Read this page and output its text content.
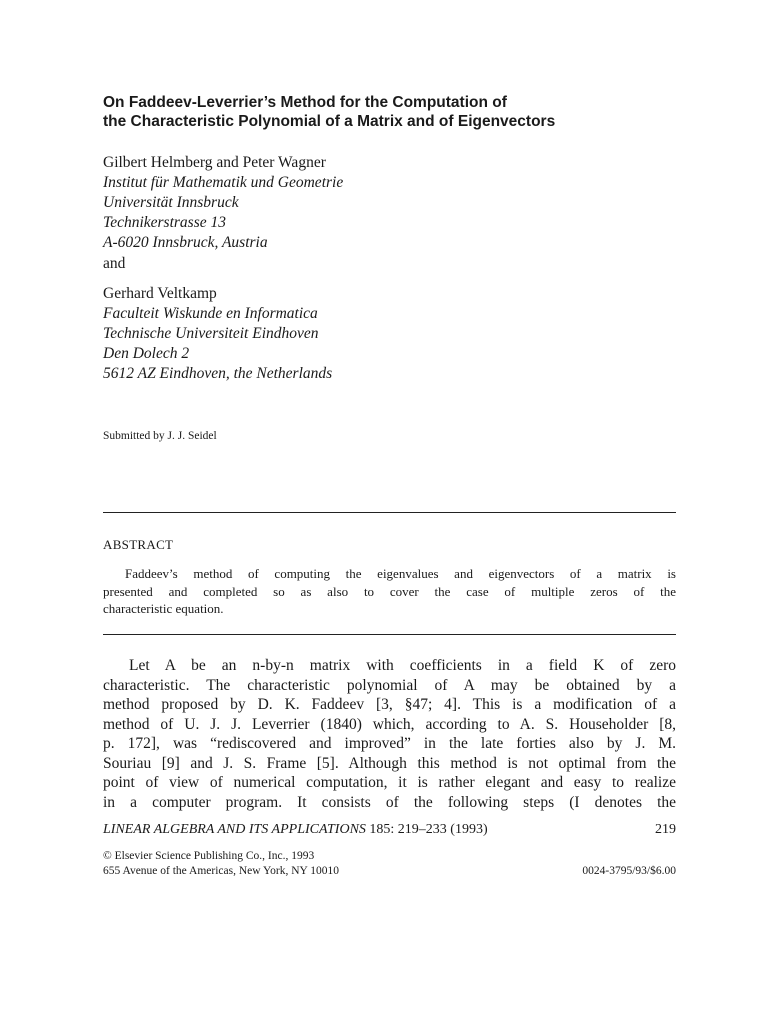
On Faddeev-Leverrier’s Method for the Computation of
the Characteristic Polynomial of a Matrix and of Eigenvectors
Gilbert Helmberg and Peter Wagner
Institut für Mathematik und Geometrie
Universität Innsbruck
Technikerstrasse 13
A-6020 Innsbruck, Austria
and
Gerhard Veltkamp
Faculteit Wiskunde en Informatica
Technische Universiteit Eindhoven
Den Dolech 2
5612 AZ Eindhoven, the Netherlands
Submitted by J. J. Seidel
ABSTRACT
Faddeev’s method of computing the eigenvalues and eigenvectors of a matrix is
presented and completed so as also to cover the case of multiple zeros of the
characteristic equation.
Let A be an n-by-n matrix with coefficients in a field K of zero
characteristic. The characteristic polynomial of A may be obtained by a
method proposed by D. K. Faddeev [3, §47; 4]. This is a modification of a
method of U. J. J. Leverrier (1840) which, according to A. S. Householder [8,
p. 172], was “rediscovered and improved” in the late forties also by J. M.
Souriau [9] and J. S. Frame [5]. Although this method is not optimal from the
point of view of numerical computation, it is rather elegant and easy to realize
in a computer program. It consists of the following steps (I denotes the
LINEAR ALGEBRA AND ITS APPLICATIONS 185: 219–233 (1993)	219
© Elsevier Science Publishing Co., Inc., 1993
655 Avenue of the Americas, New York, NY 10010	0024-3795/93/$6.00
